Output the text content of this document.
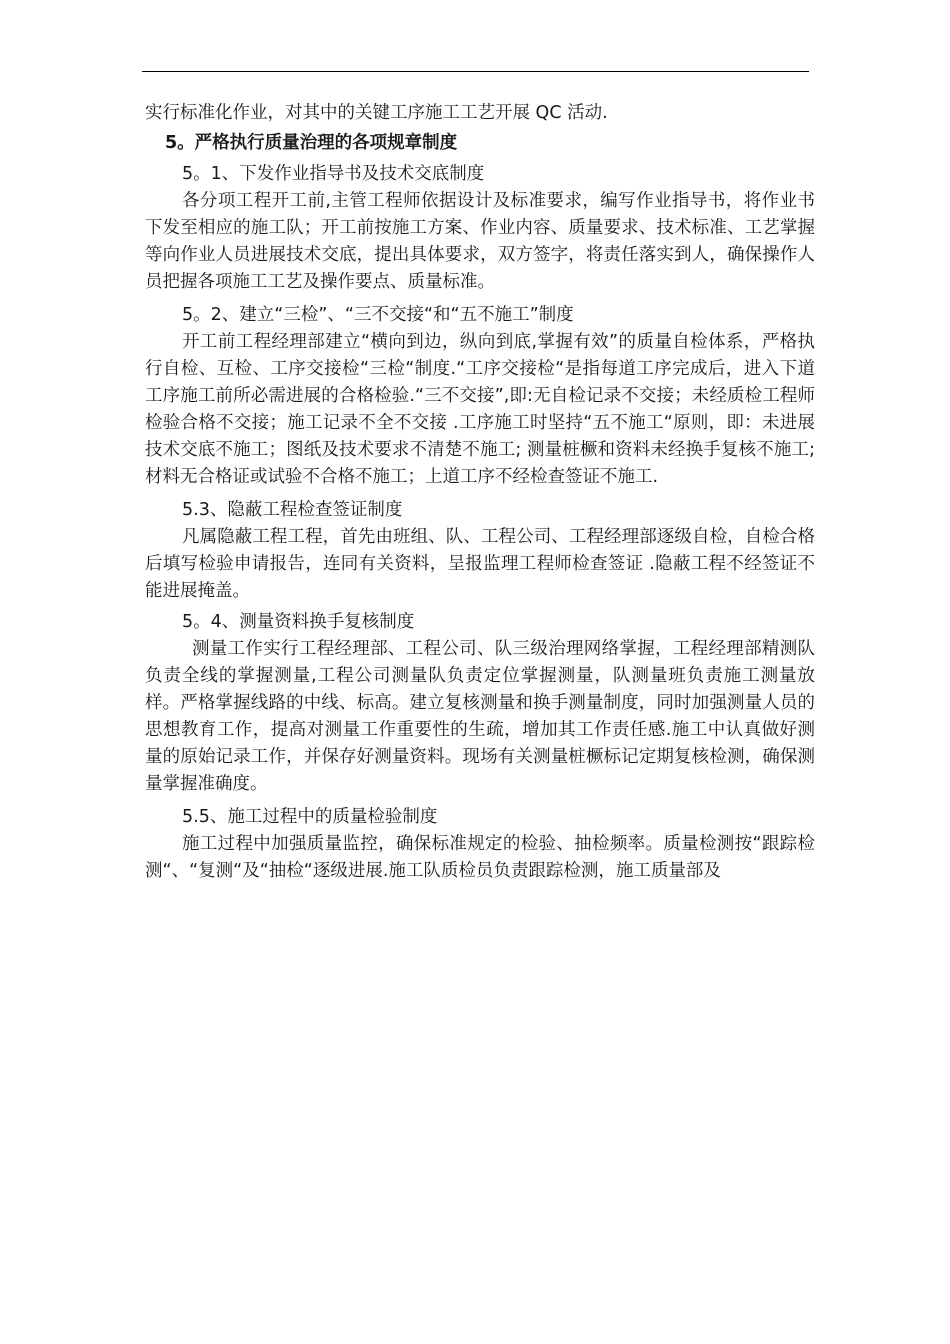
实行标准化作业，对其中的关键工序施工工艺开展 QC 活动.

5。严格执行质量治理的各项规章制度

5。1、下发作业指导书及技术交底制度

各分项工程开工前,主管工程师依据设计及标准要求，编写作业指导书，将作业书下发至相应的施工队；开工前按施工方案、作业内容、质量要求、技术标准、工艺掌握等向作业人员进展技术交底，提出具体要求，双方签字，将责任落实到人，确保操作人员把握各项施工工艺及操作要点、质量标准。

5。2、建立“三检”、“三不交接“和“五不施工”制度

开工前工程经理部建立“横向到边，纵向到底,掌握有效”的质量自检体系，严格执行自检、互检、工序交接检“三检“制度.“工序交接检“是指每道工序完成后，进入下道工序施工前所必需进展的合格检验.“三不交接”,即:无自检记录不交接；未经质检工程师检验合格不交接；施工记录不全不交接 .工序施工时坚持“五不施工“原则，即：未进展技术交底不施工；图纸及技术要求不清楚不施工; 测量桩橛和资料未经换手复核不施工;材料无合格证或试验不合格不施工；上道工序不经检查签证不施工.

5.3、隐蔽工程检查签证制度

凡属隐蔽工程工程，首先由班组、队、工程公司、工程经理部逐级自检，自检合格后填写检验申请报告，连同有关资料，呈报监理工程师检查签证 .隐蔽工程不经签证不能进展掩盖。

5。4、测量资料换手复核制度

测量工作实行工程经理部、工程公司、队三级治理网络掌握，工程经理部精测队负责全线的掌握测量,工程公司测量队负责定位掌握测量，队测量班负责施工测量放样。严格掌握线路的中线、标高。建立复核测量和换手测量制度，同时加强测量人员的思想教育工作，提高对测量工作重要性的生疏，增加其工作责任感.施工中认真做好测量的原始记录工作，并保存好测量资料。现场有关测量桩橛标记定期复核检测，确保测量掌握准确度。

5.5、施工过程中的质量检验制度

施工过程中加强质量监控，确保标准规定的检验、抽检频率。质量检测按“跟踪检测“、“复测“及“抽检“逐级进展.施工队质检员负责跟踪检测，施工质量部及
